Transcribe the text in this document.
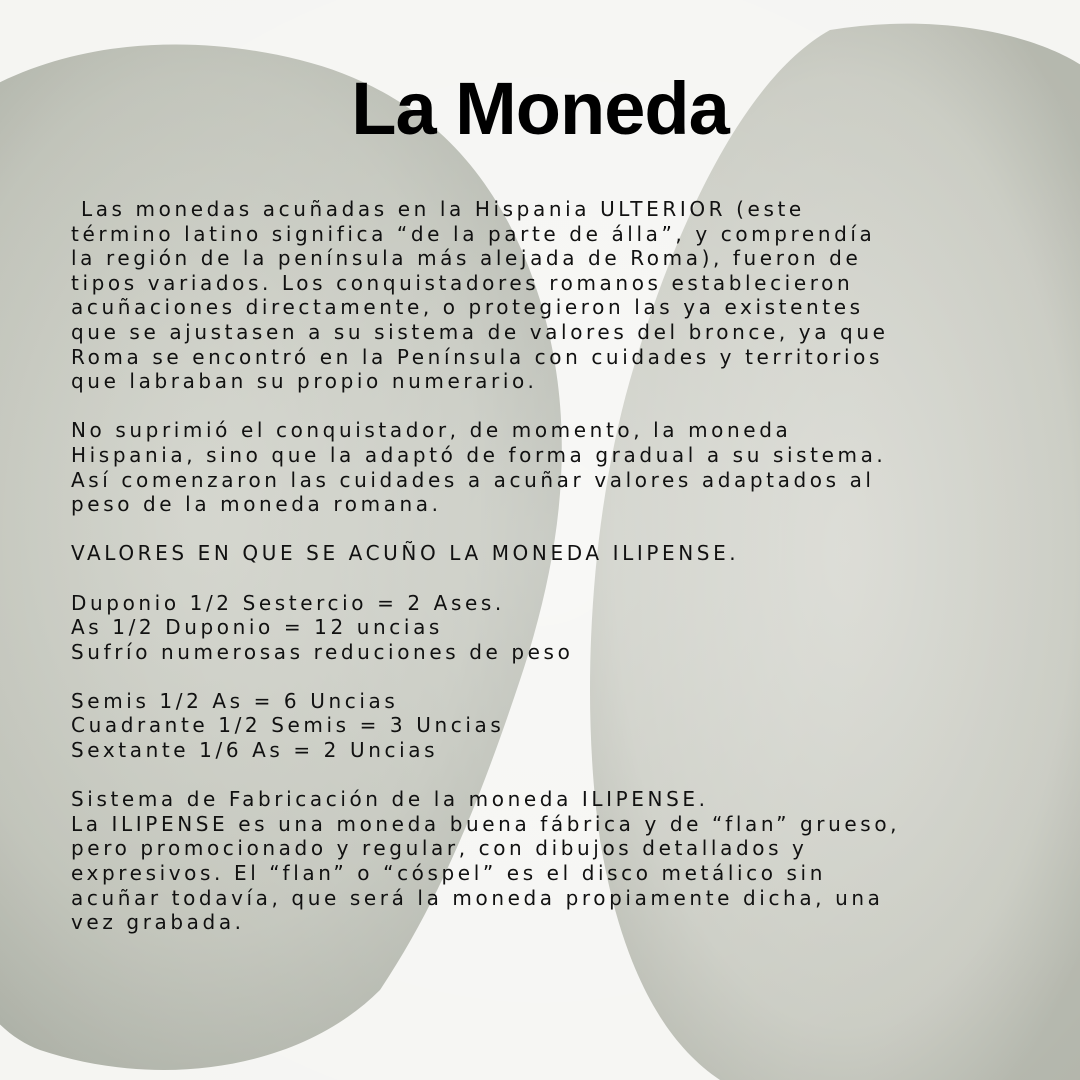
La Moneda
Las monedas acuñadas en la Hispania ULTERIOR (este
término latino significa “de la parte de álla”, y comprendía
la región de la península más alejada de Roma), fueron de
tipos variados. Los conquistadores romanos establecieron
acuñaciones directamente, o protegieron las ya existentes
que se ajustasen a su sistema de valores del bronce, ya que
Roma se encontró en la Península con cuidades y territorios
que labraban su propio numerario.
No suprimió el conquistador, de momento, la moneda
Hispania, sino que la adaptó de forma gradual a su sistema.
Así comenzaron las cuidades a acuñar valores adaptados al
peso de la moneda romana.
VALORES EN QUE SE ACUÑO LA MONEDA ILIPENSE.
Duponio 1/2 Sestercio = 2 Ases.
As 1/2 Duponio = 12 uncias
Sufrío numerosas reduciones de peso
Semis 1/2 As = 6 Uncias
Cuadrante 1/2 Semis = 3 Uncias
Sextante 1/6 As = 2 Uncias
Sistema de Fabricación de la moneda ILIPENSE.
La ILIPENSE es una moneda buena fábrica y de “flan” grueso,
pero promocionado y regular, con dibujos detallados y
expresivos. El “flan” o “cóspel” es el disco metálico sin
acuñar todavía, que será la moneda propiamente dicha, una
vez grabada.
